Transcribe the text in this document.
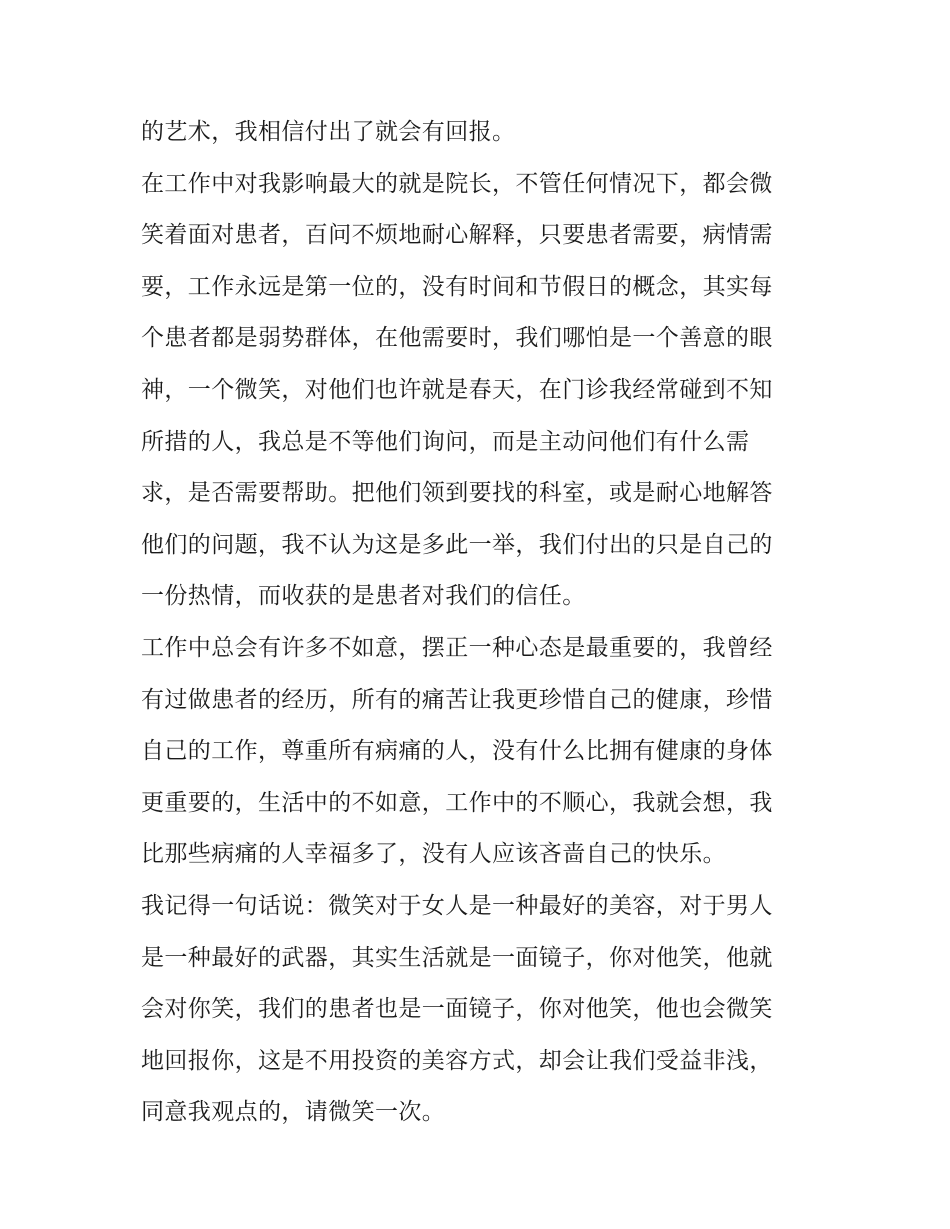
的艺术，我相信付出了就会有回报。
在工作中对我影响最大的就是院长，不管任何情况下，都会微
笑着面对患者，百问不烦地耐心解释，只要患者需要，病情需
要，工作永远是第一位的，没有时间和节假日的概念，其实每
个患者都是弱势群体，在他需要时，我们哪怕是一个善意的眼
神，一个微笑，对他们也许就是春天，在门诊我经常碰到不知
所措的人，我总是不等他们询问，而是主动问他们有什么需
求，是否需要帮助。把他们领到要找的科室，或是耐心地解答
他们的问题，我不认为这是多此一举，我们付出的只是自己的
一份热情，而收获的是患者对我们的信任。
工作中总会有许多不如意，摆正一种心态是最重要的，我曾经
有过做患者的经历，所有的痛苦让我更珍惜自己的健康，珍惜
自己的工作，尊重所有病痛的人，没有什么比拥有健康的身体
更重要的，生活中的不如意，工作中的不顺心，我就会想，我
比那些病痛的人幸福多了，没有人应该吝啬自己的快乐。
我记得一句话说：微笑对于女人是一种最好的美容，对于男人
是一种最好的武器，其实生活就是一面镜子，你对他笑，他就
会对你笑，我们的患者也是一面镜子，你对他笑，他也会微笑
地回报你，这是不用投资的美容方式，却会让我们受益非浅，
同意我观点的，请微笑一次。
